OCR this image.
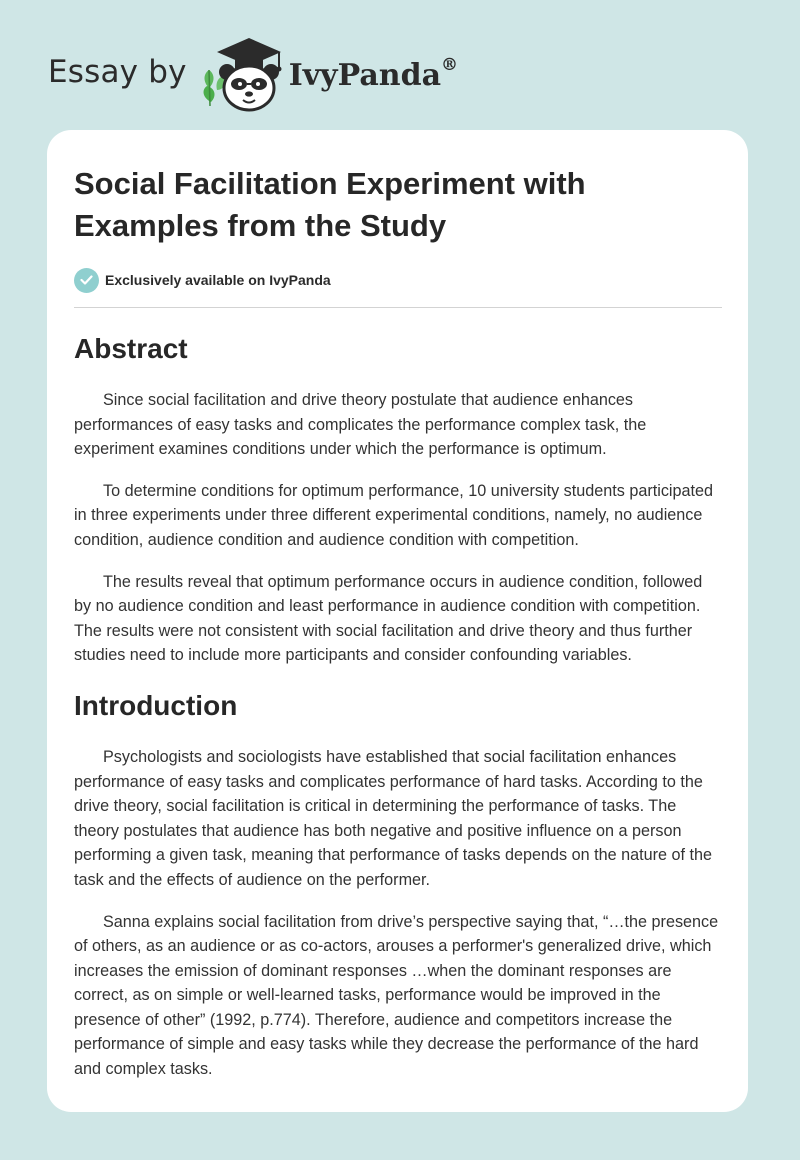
Essay by	IvyPanda®
Social Facilitation Experiment with Examples from the Study
Exclusively available on IvyPanda
Abstract

Since social facilitation and drive theory postulate that audience enhances performances of easy tasks and complicates the performance complex task, the experiment examines conditions under which the performance is optimum.

To determine conditions for optimum performance, 10 university students participated in three experiments under three different experimental conditions, namely, no audience condition, audience condition and audience condition with competition.

The results reveal that optimum performance occurs in audience condition, followed by no audience condition and least performance in audience condition with competition. The results were not consistent with social facilitation and drive theory and thus further studies need to include more participants and consider confounding variables.

Introduction

Psychologists and sociologists have established that social facilitation enhances performance of easy tasks and complicates performance of hard tasks. According to the drive theory, social facilitation is critical in determining the performance of tasks. The theory postulates that audience has both negative and positive influence on a person performing a given task, meaning that performance of tasks depends on the nature of the task and the effects of audience on the performer.

Sanna explains social facilitation from drive’s perspective saying that, “…the presence of others, as an audience or as co-actors, arouses a performer's generalized drive, which increases the emission of dominant responses …when the dominant responses are correct, as on simple or well-learned tasks, performance would be improved in the presence of other” (1992, p.774). Therefore, audience and competitors increase the performance of simple and easy tasks while they decrease the performance of the hard and complex tasks.
